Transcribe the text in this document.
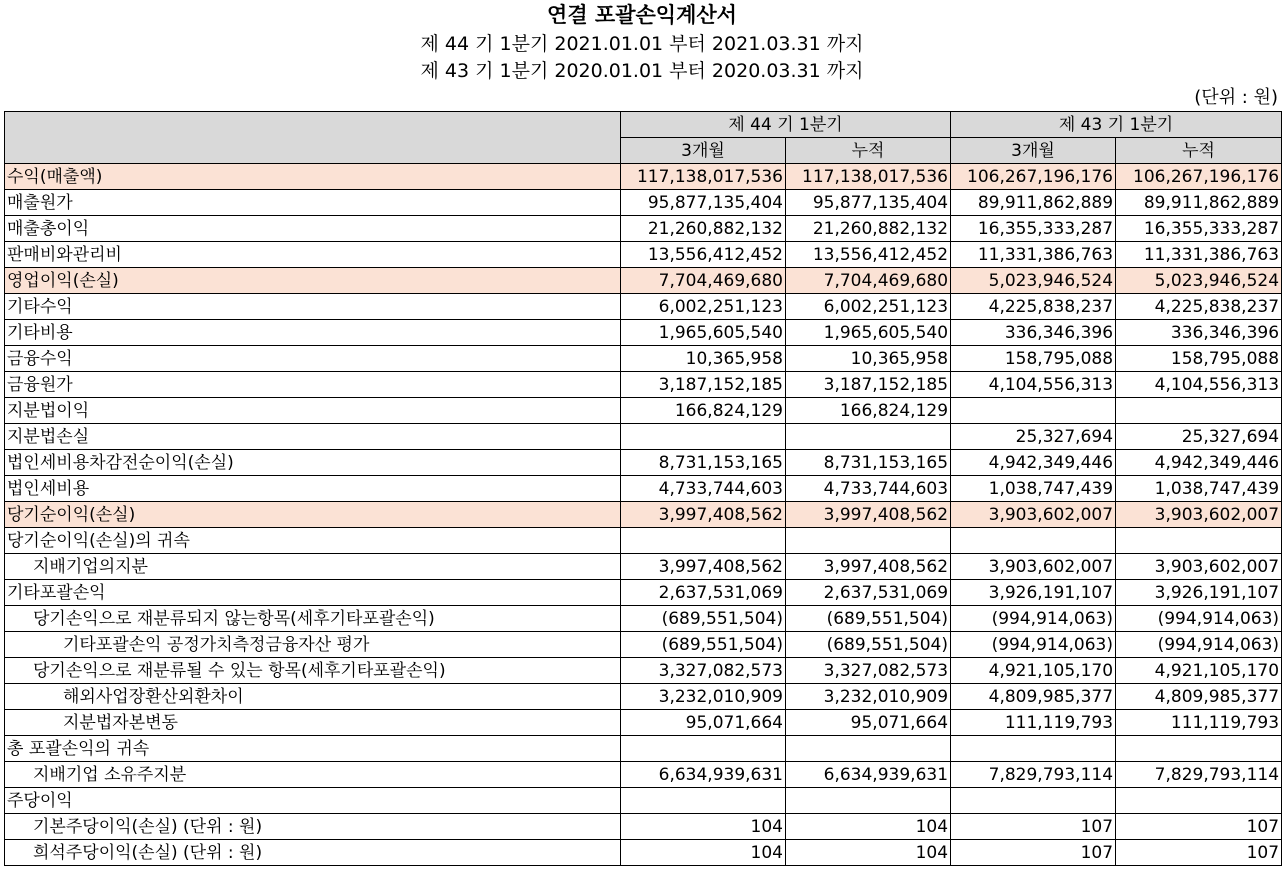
연결 포괄손익계산서
제 44 기 1분기 2021.01.01 부터 2021.03.31 까지
제 43 기 1분기 2020.01.01 부터 2020.03.31 까지
(단위 : 원)
	제 44 기 1분기		제 43 기 1분기	
	3개월	누적	3개월	누적
수익(매출액)	117,138,017,536	117,138,017,536	106,267,196,176	106,267,196,176
매출원가	95,877,135,404	95,877,135,404	89,911,862,889	89,911,862,889
매출총이익	21,260,882,132	21,260,882,132	16,355,333,287	16,355,333,287
판매비와관리비	13,556,412,452	13,556,412,452	11,331,386,763	11,331,386,763
영업이익(손실)	7,704,469,680	7,704,469,680	5,023,946,524	5,023,946,524
기타수익	6,002,251,123	6,002,251,123	4,225,838,237	4,225,838,237
기타비용	1,965,605,540	1,965,605,540	336,346,396	336,346,396
금융수익	10,365,958	10,365,958	158,795,088	158,795,088
금융원가	3,187,152,185	3,187,152,185	4,104,556,313	4,104,556,313
지분법이익	166,824,129	166,824,129		
지분법손실			25,327,694	25,327,694
법인세비용차감전순이익(손실)	8,731,153,165	8,731,153,165	4,942,349,446	4,942,349,446
법인세비용	4,733,744,603	4,733,744,603	1,038,747,439	1,038,747,439
당기순이익(손실)	3,997,408,562	3,997,408,562	3,903,602,007	3,903,602,007
당기순이익(손실)의 귀속				
지배기업의지분	3,997,408,562	3,997,408,562	3,903,602,007	3,903,602,007
기타포괄손익	2,637,531,069	2,637,531,069	3,926,191,107	3,926,191,107
당기손익으로 재분류되지 않는항목(세후기타포괄손익)	(689,551,504)	(689,551,504)	(994,914,063)	(994,914,063)
기타포괄손익 공정가치측정금융자산 평가	(689,551,504)	(689,551,504)	(994,914,063)	(994,914,063)
당기손익으로 재분류될 수 있는 항목(세후기타포괄손익)	3,327,082,573	3,327,082,573	4,921,105,170	4,921,105,170
해외사업장환산외환차이	3,232,010,909	3,232,010,909	4,809,985,377	4,809,985,377
지분법자본변동	95,071,664	95,071,664	111,119,793	111,119,793
총 포괄손익의 귀속				
지배기업 소유주지분	6,634,939,631	6,634,939,631	7,829,793,114	7,829,793,114
주당이익				
기본주당이익(손실) (단위 : 원)	104	104	107	107
희석주당이익(손실) (단위 : 원)	104	104	107	107
